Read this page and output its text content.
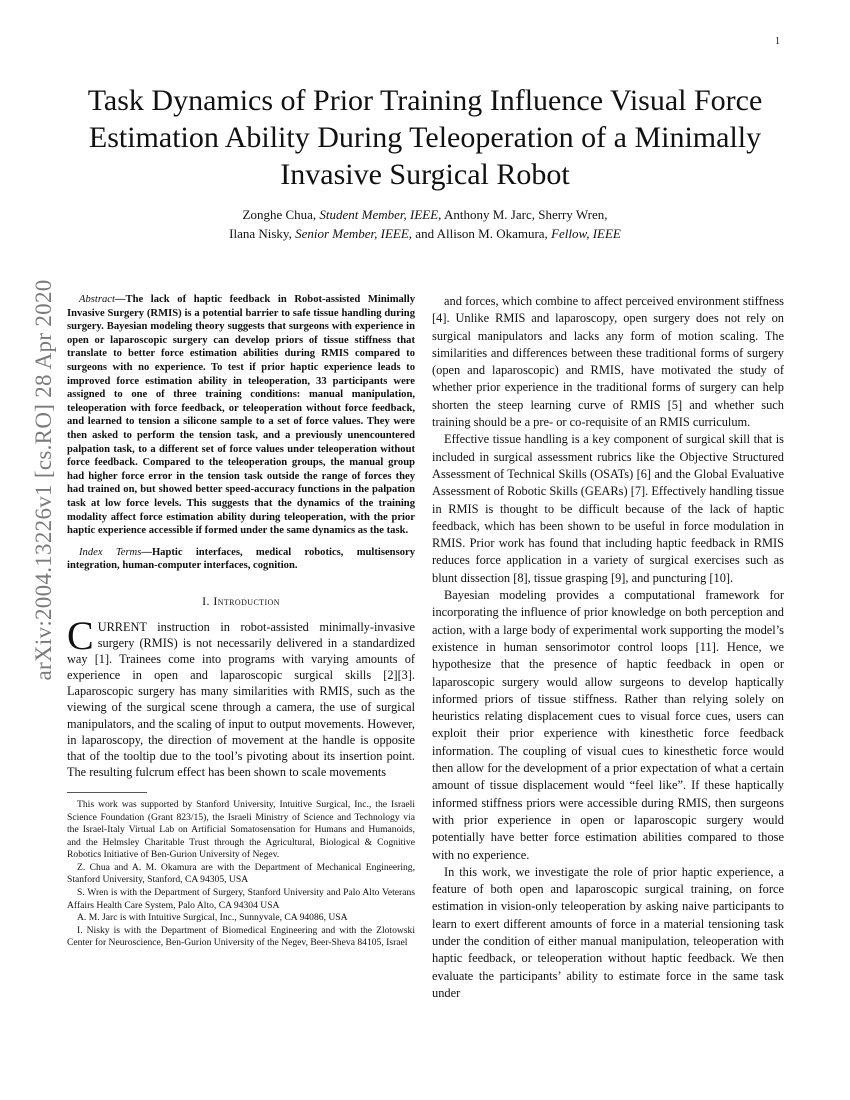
1
arXiv:2004.13226v1 [cs.RO] 28 Apr 2020
Task Dynamics of Prior Training Influence Visual Force Estimation Ability During Teleoperation of a Minimally Invasive Surgical Robot
Zonghe Chua, Student Member, IEEE, Anthony M. Jarc, Sherry Wren,
Ilana Nisky, Senior Member, IEEE, and Allison M. Okamura, Fellow, IEEE

Abstract—The lack of haptic feedback in Robot-assisted Minimally Invasive Surgery (RMIS) is a potential barrier to safe tissue handling during surgery. Bayesian modeling theory suggests that surgeons with experience in open or laparoscopic surgery can develop priors of tissue stiffness that translate to better force estimation abilities during RMIS compared to surgeons with no experience. To test if prior haptic experience leads to improved force estimation ability in teleoperation, 33 participants were assigned to one of three training conditions: manual manipulation, teleoperation with force feedback, or teleoperation without force feedback, and learned to tension a silicone sample to a set of force values. They were then asked to perform the tension task, and a previously unencountered palpation task, to a different set of force values under teleoperation without force feedback. Compared to the teleoperation groups, the manual group had higher force error in the tension task outside the range of forces they had trained on, but showed better speed-accuracy functions in the palpation task at low force levels. This suggests that the dynamics of the training modality affect force estimation ability during teleoperation, with the prior haptic experience accessible if formed under the same dynamics as the task.

Index Terms—Haptic interfaces, medical robotics, multisensory integration, human-computer interfaces, cognition.

I. Introduction

CURRENT instruction in robot-assisted minimally-invasive surgery (RMIS) is not necessarily delivered in a standardized way [1]. Trainees come into programs with varying amounts of experience in open and laparoscopic surgical skills [2][3]. Laparoscopic surgery has many similarities with RMIS, such as the viewing of the surgical scene through a camera, the use of surgical manipulators, and the scaling of input to output movements. However, in laparoscopy, the direction of movement at the handle is opposite that of the tooltip due to the tool’s pivoting about its insertion point. The resulting fulcrum effect has been shown to scale movements

This work was supported by Stanford University, Intuitive Surgical, Inc., the Israeli Science Foundation (Grant 823/15), the Israeli Ministry of Science and Technology via the Israel-Italy Virtual Lab on Artificial Somatosensation for Humans and Humanoids, and the Helmsley Charitable Trust through the Agricultural, Biological & Cognitive Robotics Initiative of Ben-Gurion University of Negev.

Z. Chua and A. M. Okamura are with the Department of Mechanical Engineering, Stanford University, Stanford, CA 94305, USA

S. Wren is with the Department of Surgery, Stanford University and Palo Alto Veterans Affairs Health Care System, Palo Alto, CA 94304 USA

A. M. Jarc is with Intuitive Surgical, Inc., Sunnyvale, CA 94086, USA

I. Nisky is with the Department of Biomedical Engineering and with the Zlotowski Center for Neuroscience, Ben-Gurion University of the Negev, Beer-Sheva 84105, Israel

and forces, which combine to affect perceived environment stiffness [4]. Unlike RMIS and laparoscopy, open surgery does not rely on surgical manipulators and lacks any form of motion scaling. The similarities and differences between these traditional forms of surgery (open and laparoscopic) and RMIS, have motivated the study of whether prior experience in the traditional forms of surgery can help shorten the steep learning curve of RMIS [5] and whether such training should be a pre- or co-requisite of an RMIS curriculum.

Effective tissue handling is a key component of surgical skill that is included in surgical assessment rubrics like the Objective Structured Assessment of Technical Skills (OSATs) [6] and the Global Evaluative Assessment of Robotic Skills (GEARs) [7]. Effectively handling tissue in RMIS is thought to be difficult because of the lack of haptic feedback, which has been shown to be useful in force modulation in RMIS. Prior work has found that including haptic feedback in RMIS reduces force application in a variety of surgical exercises such as blunt dissection [8], tissue grasping [9], and puncturing [10].

Bayesian modeling provides a computational framework for incorporating the influence of prior knowledge on both perception and action, with a large body of experimental work supporting the model’s existence in human sensorimotor control loops [11]. Hence, we hypothesize that the presence of haptic feedback in open or laparoscopic surgery would allow surgeons to develop haptically informed priors of tissue stiffness. Rather than relying solely on heuristics relating displacement cues to visual force cues, users can exploit their prior experience with kinesthetic force feedback information. The coupling of visual cues to kinesthetic force would then allow for the development of a prior expectation of what a certain amount of tissue displacement would “feel like”. If these haptically informed stiffness priors were accessible during RMIS, then surgeons with prior experience in open or laparoscopic surgery would potentially have better force estimation abilities compared to those with no experience.

In this work, we investigate the role of prior haptic experience, a feature of both open and laparoscopic surgical training, on force estimation in vision-only teleoperation by asking naive participants to learn to exert different amounts of force in a material tensioning task under the condition of either manual manipulation, teleoperation with haptic feedback, or teleoperation without haptic feedback. We then evaluate the participants’ ability to estimate force in the same task under
